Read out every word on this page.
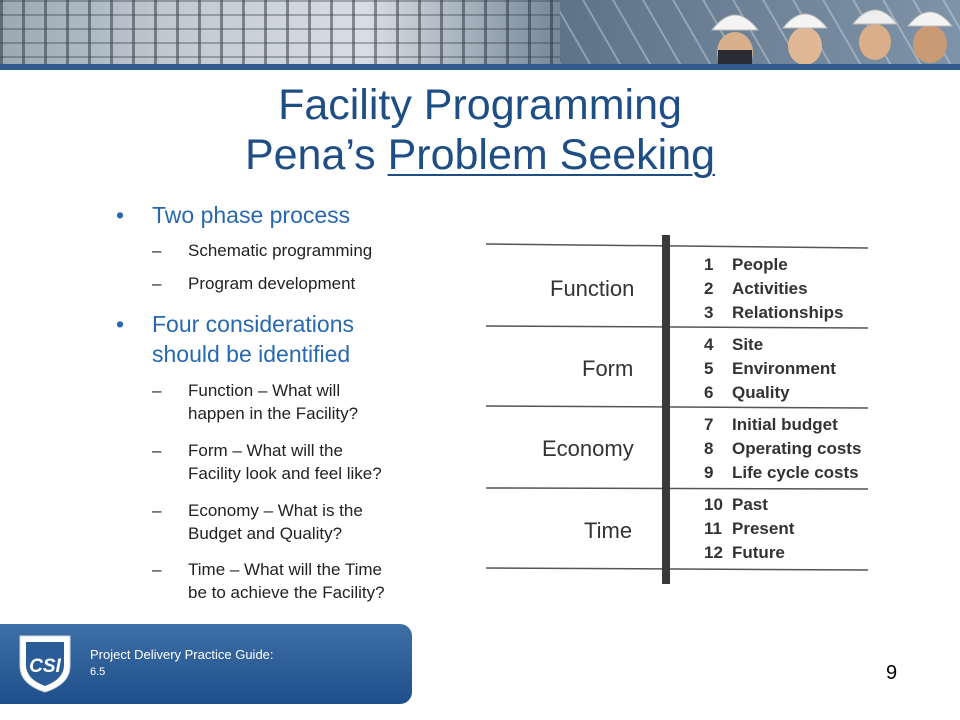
Facility Programming
Pena’s Problem Seeking
• Two phase process
– Schematic programming
– Program development
• Four considerations
should be identified
– Function – What will
happen in the Facility?
– Form – What will the
Facility look and feel like?
– Economy – What is the
Budget and Quality?
– Time – What will the Time
be to achieve the Facility?
Function
Form
Economy
Time
1 People
2 Activities
3 Relationships
4 Site
5 Environment
6 Quality
7 Initial budget
8 Operating costs
9 Life cycle costs
10 Past
11 Present
12 Future
CSI
Project Delivery Practice Guide:
6.5	9
